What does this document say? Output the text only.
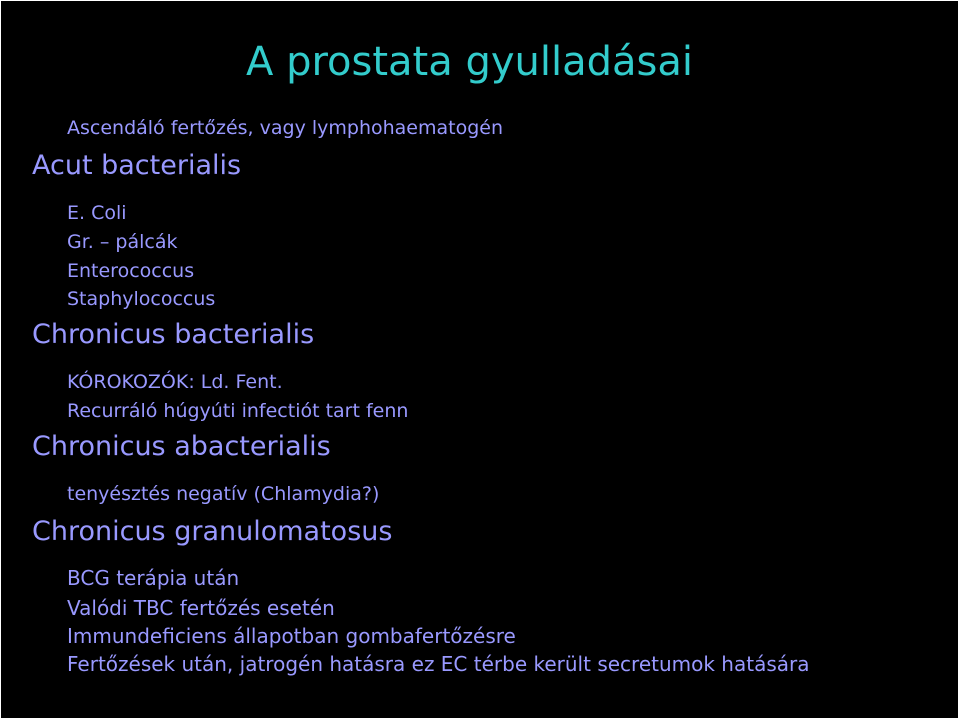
A prostata gyulladásai
Ascendáló fertőzés, vagy lymphohaematogén
Acut bacterialis
E. Coli
Gr. – pálcák
Enterococcus
Staphylococcus
Chronicus bacterialis
KÓROKOZÓK: Ld. Fent.
Recurráló húgyúti infectiót tart fenn
Chronicus abacterialis
tenyésztés negatív (Chlamydia?)
Chronicus granulomatosus
BCG terápia után
Valódi TBC fertőzés esetén
Immundeficiens állapotban gombafertőzésre
Fertőzések után, jatrogén hatásra ez EC térbe került secretumok hatására
